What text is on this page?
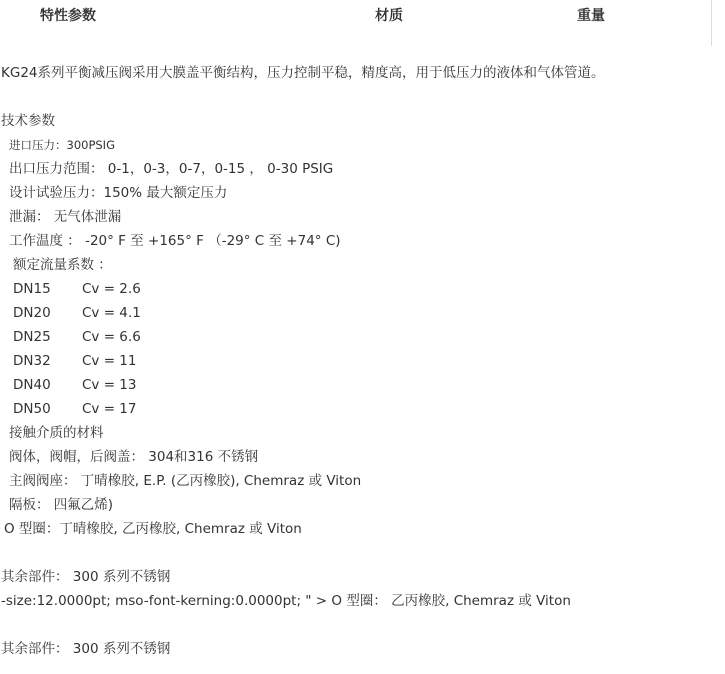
特性参数	材质	重量
KG24系列平衡减压阀采用大膜盖平衡结构，压力控制平稳，精度高，用于低压力的液体和气体管道。
技术参数
进口压力：300PSIG
出口压力范围： 0-1，0-3，0-7，0-15 ， 0-30 PSIG
设计试验压力：150% 最大额定压力
泄漏： 无气体泄漏
工作温度 ： -20° F 至 +165° F （-29° C 至 +74° C)
额定流量系数 ：
DN15 Cv = 2.6
DN20 Cv = 4.1
DN25 Cv = 6.6
DN32 Cv = 11
DN40 Cv = 13
DN50 Cv = 17
接触介质的材料
阀体，阀帽，后阀盖： 304和316 不锈钢
主阀阀座： 丁晴橡胶, E.P. (乙丙橡胶), Chemraz 或 Viton
隔板： 四氟乙烯)
O 型圈：丁晴橡胶, 乙丙橡胶, Chemraz 或 Viton
其余部件： 300 系列不锈钢
-size:12.0000pt; mso-font-kerning:0.0000pt; " > O 型圈： 乙丙橡胶, Chemraz 或 Viton
其余部件： 300 系列不锈钢
